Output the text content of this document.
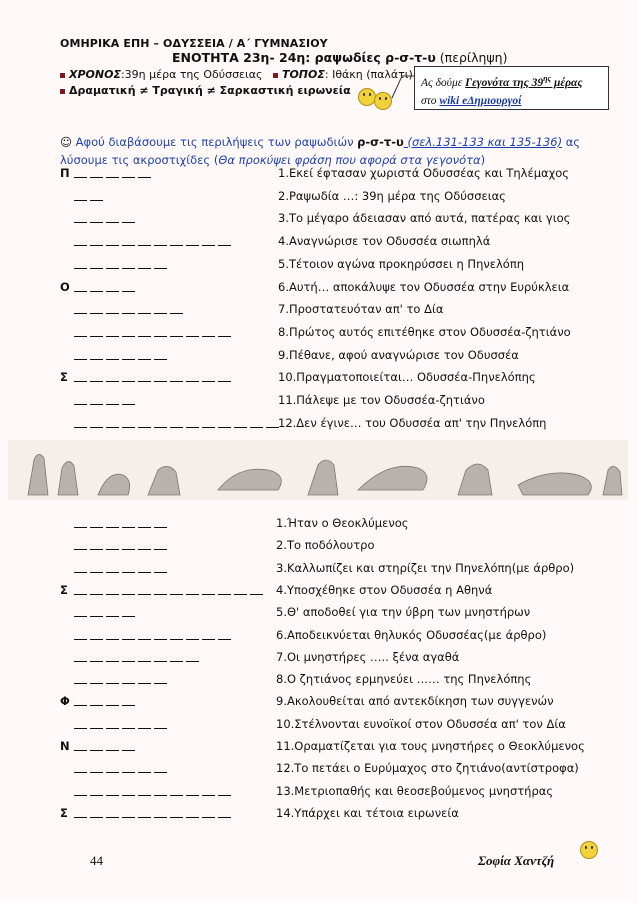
ΟΜΗΡΙΚΑ ΕΠΗ – ΟΔΥΣΣΕΙΑ / Α΄ ΓΥΜΝΑΣΙΟΥ
ΕΝΟΤΗΤΑ 23η- 24η: ραψωδίες ρ-σ-τ-υ (περίληψη)
ΧΡΟΝΟΣ:39η μέρα της Οδύσσειας ΤΟΠΟΣ: Ιθάκη (παλάτι)
Δραματική ≠ Τραγική ≠ Σαρκαστική ειρωνεία
Ας δούμε Γεγονότα της $39^{\eta\varsigma}$ μέρας
στο wiki eΔημιουργοί
☺ Αφού διαβάσουμε τις περιλήψεις των ραψωδιών ρ-σ-τ-υ (σελ.131-133 και 135-136) ας λύσουμε τις ακροστιχίδες (Θα προκύψει φράση που αφορά στα γεγονότα)
Π	1.Εκεί έφτασαν χωριστά Οδυσσέας και Τηλέμαχος
2.Ραψωδία …: 39η μέρα της Οδύσσειας
3.Το μέγαρο άδειασαν από αυτά, πατέρας και γιος
4.Αναγνώρισε τον Οδυσσέα σιωπηλά
5.Τέτοιον αγώνα προκηρύσσει η Πηνελόπη
Ο	6.Αυτή… αποκάλυψε τον Οδυσσέα στην Ευρύκλεια
7.Προστατευόταν απ' το Δία
8.Πρώτος αυτός επιτέθηκε στον Οδυσσέα-ζητιάνο
9.Πέθανε, αφού αναγνώρισε τον Οδυσσέα
Σ	10.Πραγματοποιείται… Οδυσσέα-Πηνελόπης
11.Πάλεψε με τον Οδυσσέα-ζητιάνο
12.Δεν έγινε… του Οδυσσέα απ' την Πηνελόπη
1.Ήταν ο Θεοκλύμενος
2.Το ποδόλουτρο
3.Καλλωπίζει και στηρίζει την Πηνελόπη(με άρθρο)
Σ	4.Υποσχέθηκε στον Οδυσσέα η Αθηνά
5.Θ' αποδοθεί για την ύβρη των μνηστήρων
6.Αποδεικνύεται θηλυκός Οδυσσέας(με άρθρο)
7.Οι μνηστήρες ….. ξένα αγαθά
8.Ο ζητιάνος ερμηνεύει …… της Πηνελόπης
Φ	9.Ακολουθείται από αντεκδίκηση των συγγενών
10.Στέλνονται ευνοϊκοί στον Οδυσσέα απ' τον Δία
Ν	11.Οραματίζεται για τους μνηστήρες ο Θεοκλύμενος
12.Το πετάει ο Ευρύμαχος στο ζητιάνο(αντίστροφα)
13.Μετριοπαθής και θεοσεβούμενος μνηστήρας
Σ	14.Υπάρχει και τέτοια ειρωνεία
44	Σοφία Χαντζή
